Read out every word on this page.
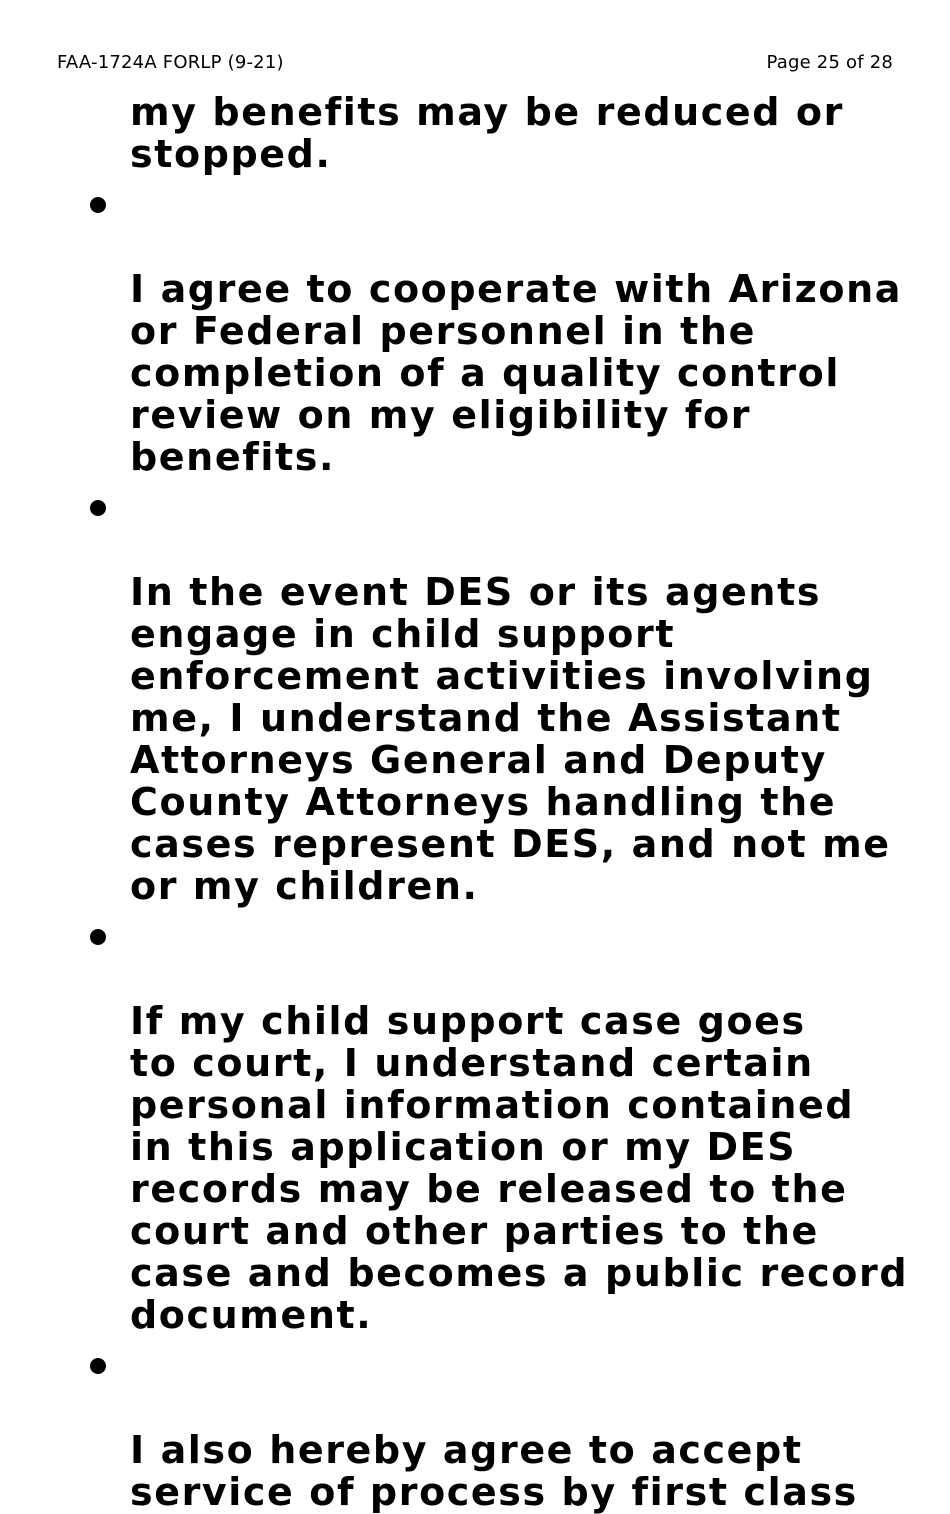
FAA-1724A FORLP (9-21)	Page 25 of 28

my benefits may be reduced or
stopped.

I agree to cooperate with Arizona
or Federal personnel in the
completion of a quality control
review on my eligibility for
benefits.

In the event DES or its agents
engage in child support
enforcement activities involving
me, I understand the Assistant
Attorneys General and Deputy
County Attorneys handling the
cases represent DES, and not me
or my children.

If my child support case goes
to court, I understand certain
personal information contained
in this application or my DES
records may be released to the
court and other parties to the
case and becomes a public record
document.

I also hereby agree to accept
service of process by first class
